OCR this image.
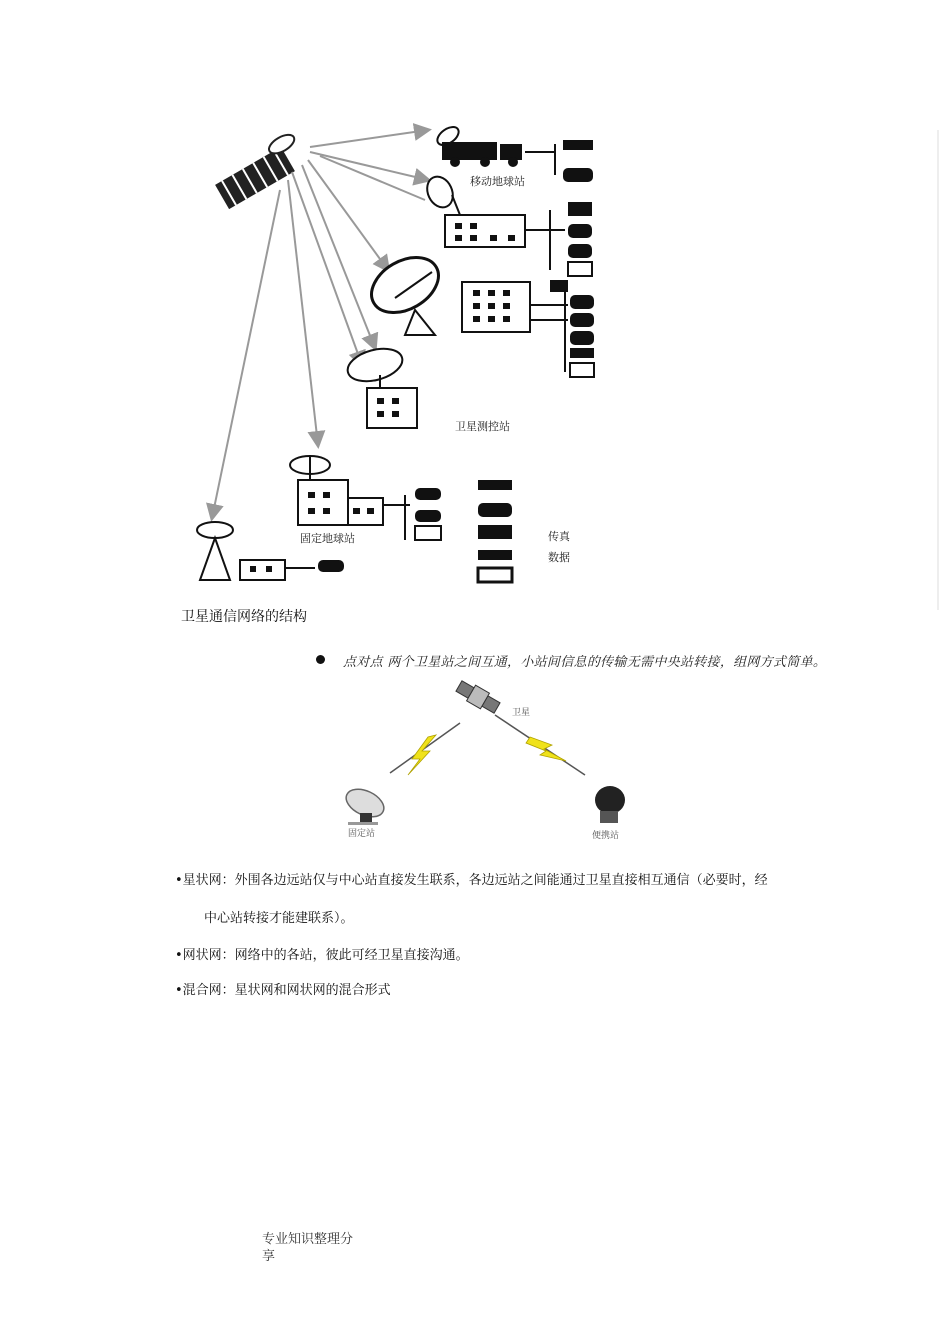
移动地球站
卫星测控站
固定地球站	传真
数据
卫星通信网络的结构
点对点 两个卫星站之间互通，小站间信息的传输无需中央站转接，组网方式简单。
卫星
固定站	便携站
•星状网：外围各边远站仅与中心站直接发生联系，各边远站之间能通过卫星直接相互通信（必要时，经
中心站转接才能建联系）。
•网状网：网络中的各站，彼此可经卫星直接沟通。
•混合网：星状网和网状网的混合形式
专业知识整理分享
